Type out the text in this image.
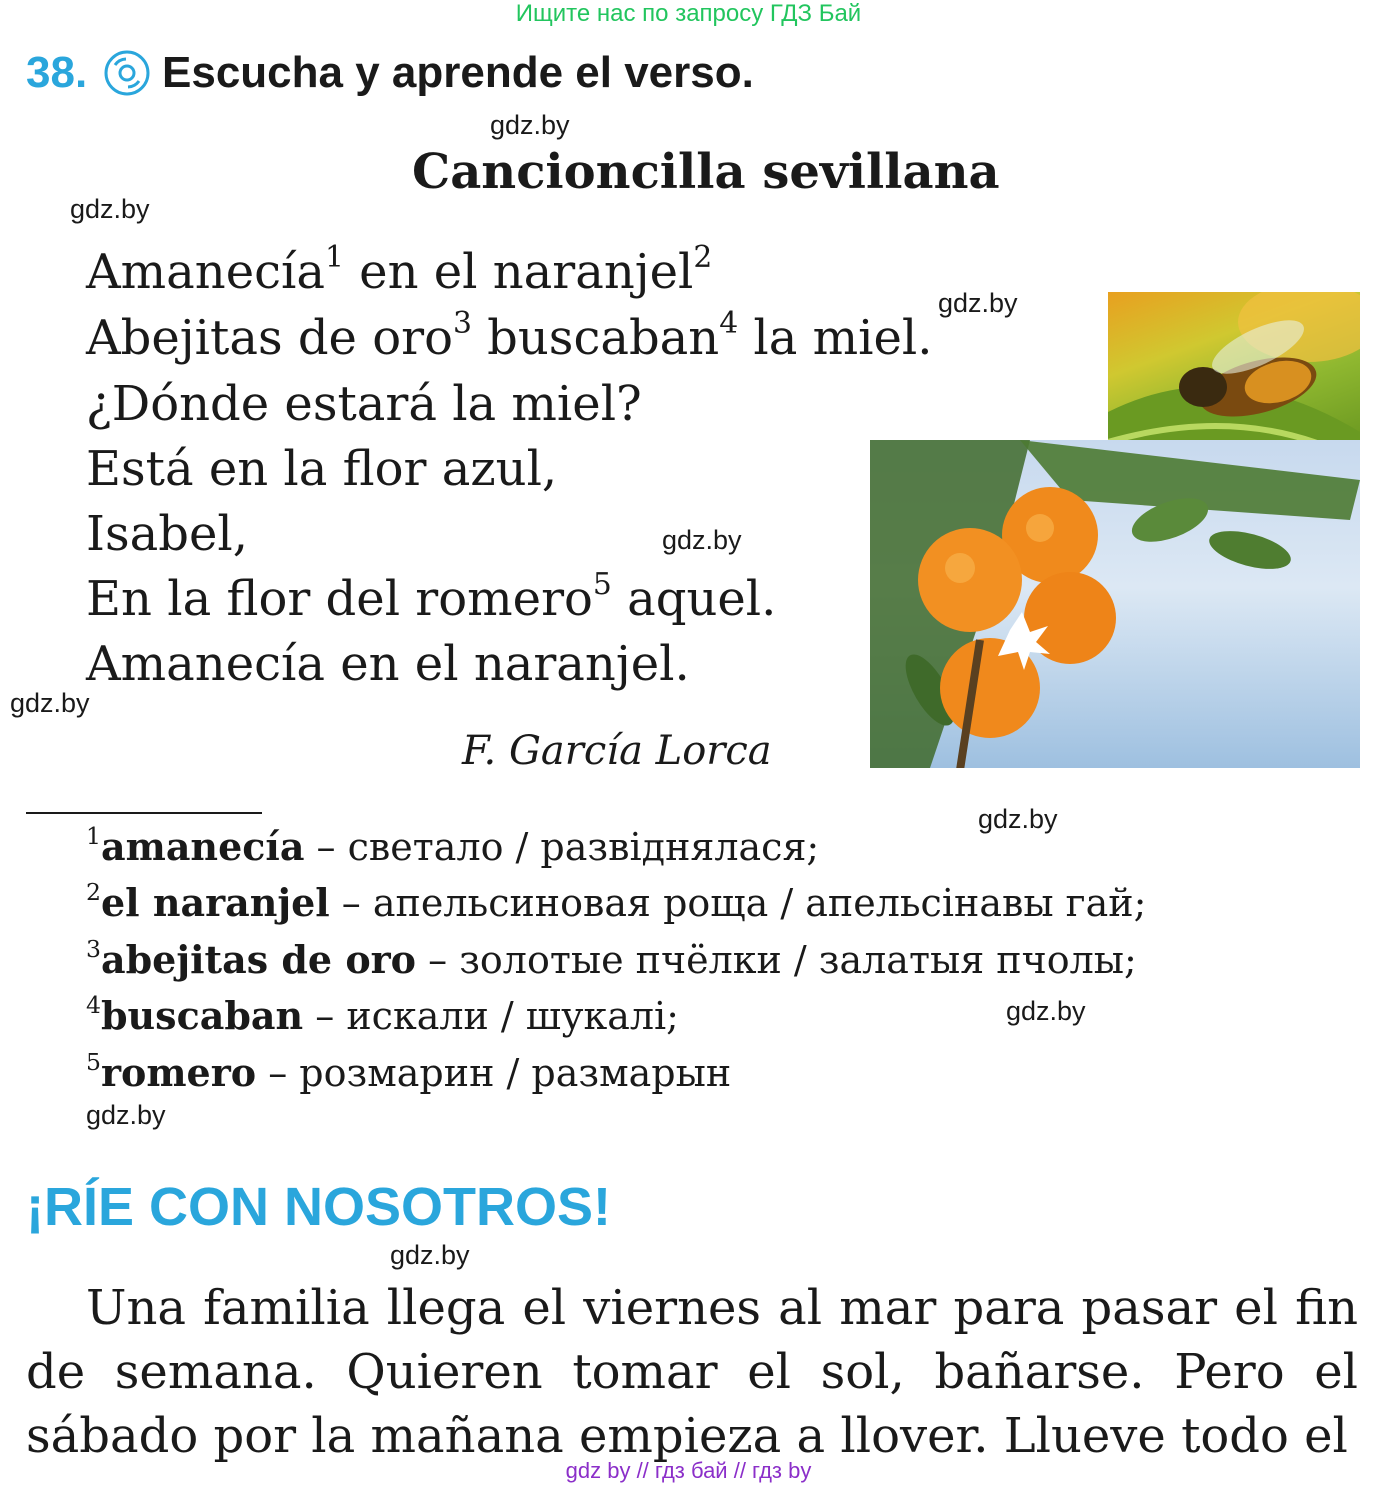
Ищите нас по запросу ГДЗ Бай
38. Escucha y aprende el verso.
gdz.by
Cancioncilla sevillana
gdz.by
Amanecía$^1$ en el naranjel$^2$
Abejitas de oro$^3$ buscaban$^4$ la miel.
¿Dónde estará la miel?
Está en la flor azul,
Isabel,
En la flor del romero$^5$ aquel.
Amanecía en el naranjel.
gdz.by
gdz.by
gdz.by
F. García Lorca
gdz.by
$^1$amanecía – светало / развіднялася;
$^2$el naranjel – апельсиновая роща / апельсінавы гай;
$^3$abejitas de oro – золотые пчёлки / залатыя пчолы;
$^4$buscaban – искали / шукалі;
$^5$romero – розмарин / размарын
gdz.by
gdz.by
¡RÍE CON NOSOTROS!
gdz.by
Una familia llega el viernes al mar para pasar el fin de semana. Quieren tomar el sol, bañarse. Pero el sábado por la mañana empieza a llover. Llueve todo el
gdz by // гдз бай // гдз by
